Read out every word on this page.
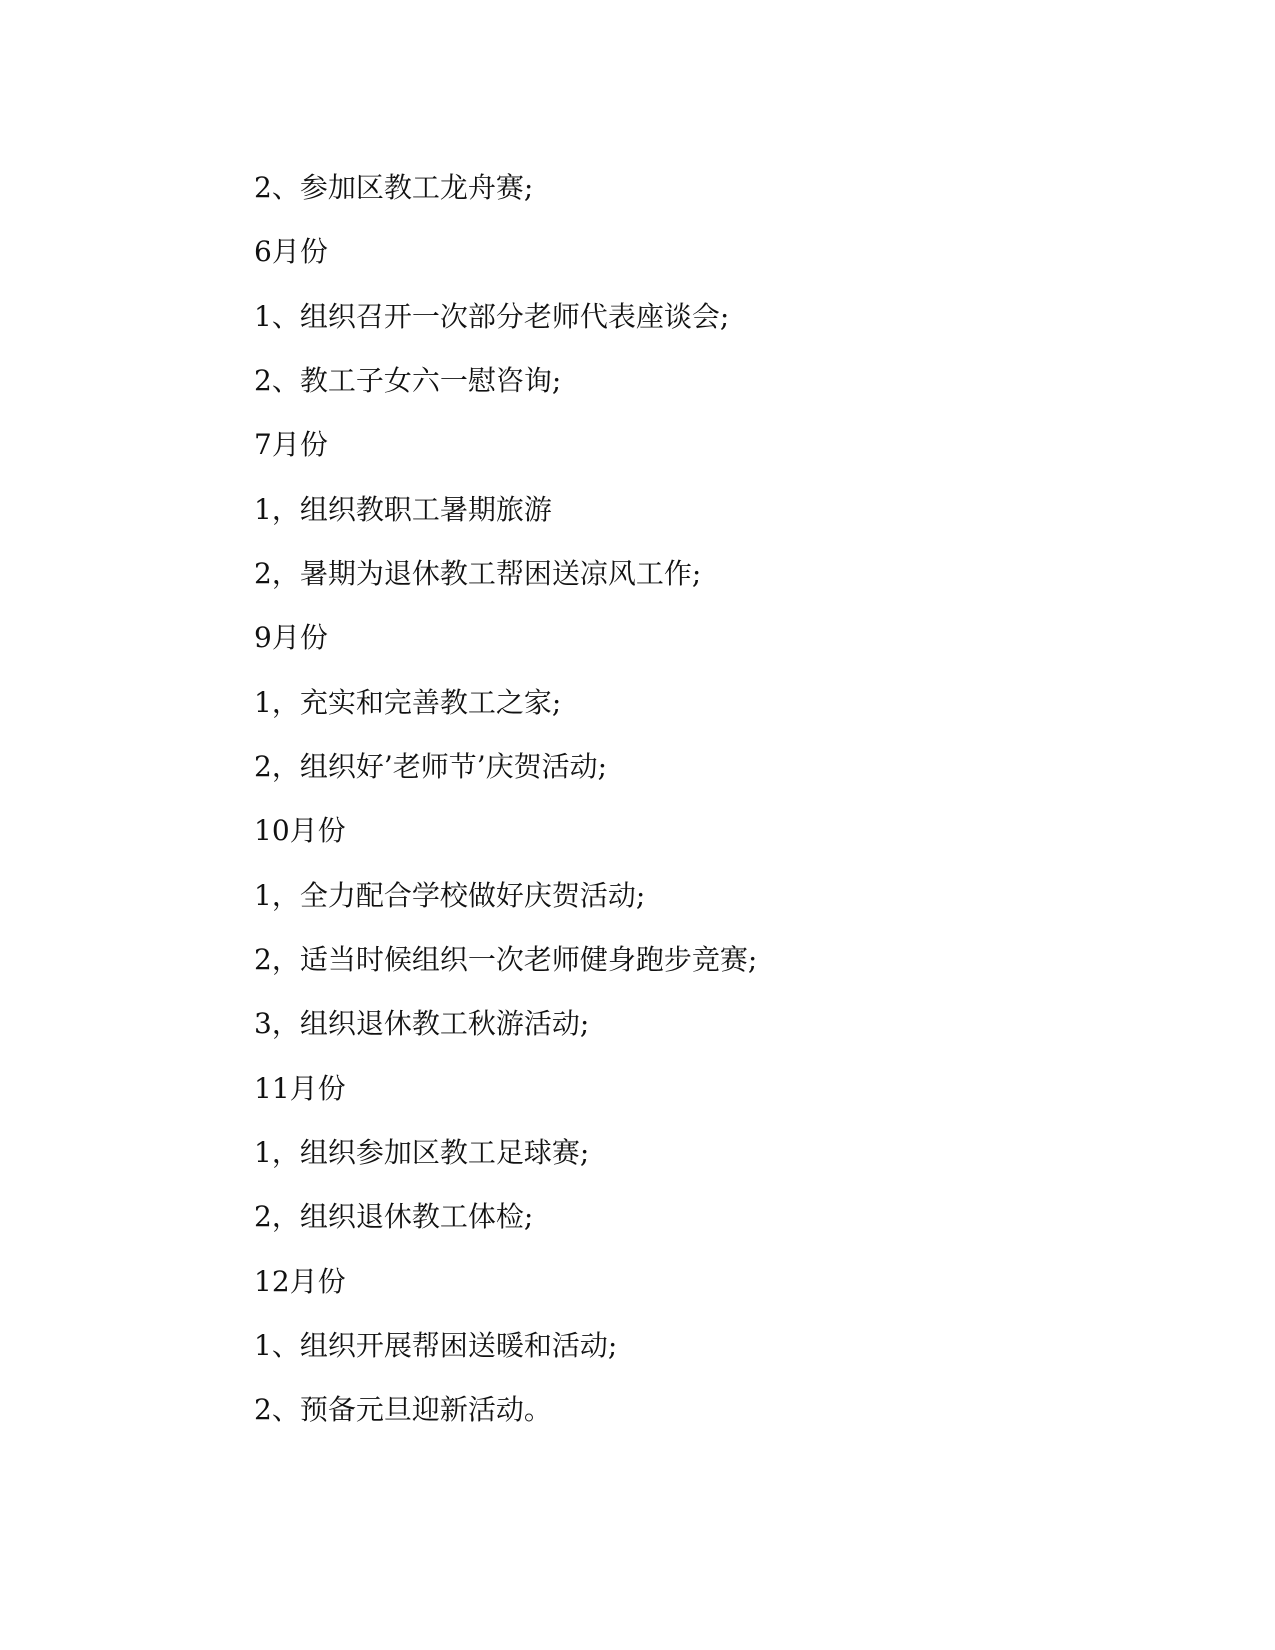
2、参加区教工龙舟赛;
6月份
1、组织召开一次部分老师代表座谈会;
2、教工子女六一慰咨询;
7月份
1，组织教职工暑期旅游
2，暑期为退休教工帮困送凉风工作;
9月份
1，充实和完善教工之家;
2，组织好’老师节’庆贺活动;
10月份
1，全力配合学校做好庆贺活动;
2，适当时候组织一次老师健身跑步竞赛;
3，组织退休教工秋游活动;
11月份
1，组织参加区教工足球赛;
2，组织退休教工体检;
12月份
1、组织开展帮困送暖和活动;
2、预备元旦迎新活动。
